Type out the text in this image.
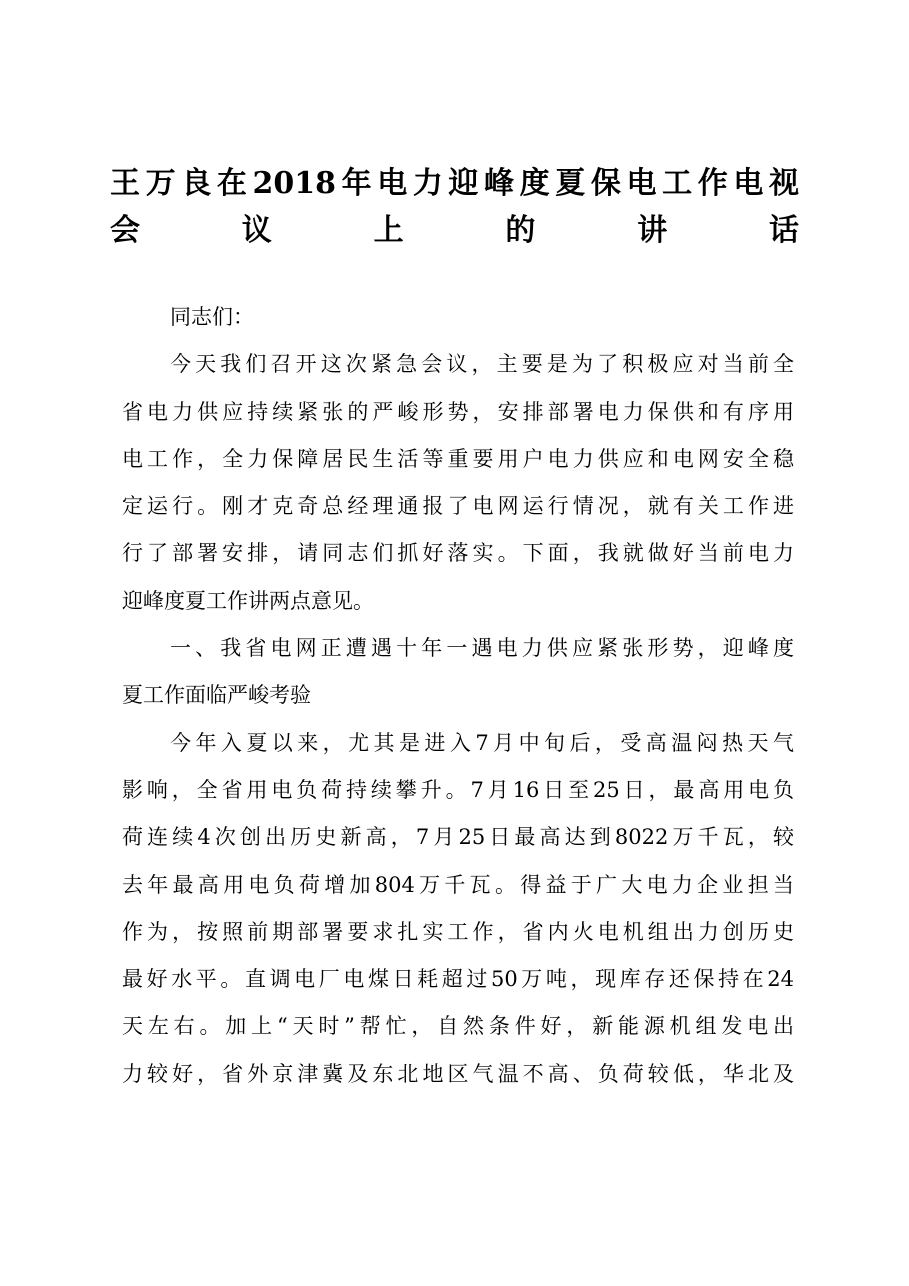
王万良在2018年电力迎峰度夏保电工作电视
会议上的讲话
同志们：
今天我们召开这次紧急会议，主要是为了积极应对当前全
省电力供应持续紧张的严峻形势，安排部署电力保供和有序用
电工作，全力保障居民生活等重要用户电力供应和电网安全稳
定运行。刚才克奇总经理通报了电网运行情况，就有关工作进
行了部署安排，请同志们抓好落实。下面，我就做好当前电力
迎峰度夏工作讲两点意见。
一、我省电网正遭遇十年一遇电力供应紧张形势，迎峰度
夏工作面临严峻考验
今年入夏以来，尤其是进入7月中旬后，受高温闷热天气
影响，全省用电负荷持续攀升。7月16日至25日，最高用电负
荷连续4次创出历史新高，7月25日最高达到8022万千瓦，较
去年最高用电负荷增加804万千瓦。得益于广大电力企业担当
作为，按照前期部署要求扎实工作，省内火电机组出力创历史
最好水平。直调电厂电煤日耗超过50万吨，现库存还保持在24
天左右。加上“天时”帮忙，自然条件好，新能源机组发电出
力较好，省外京津冀及东北地区气温不高、负荷较低，华北及
